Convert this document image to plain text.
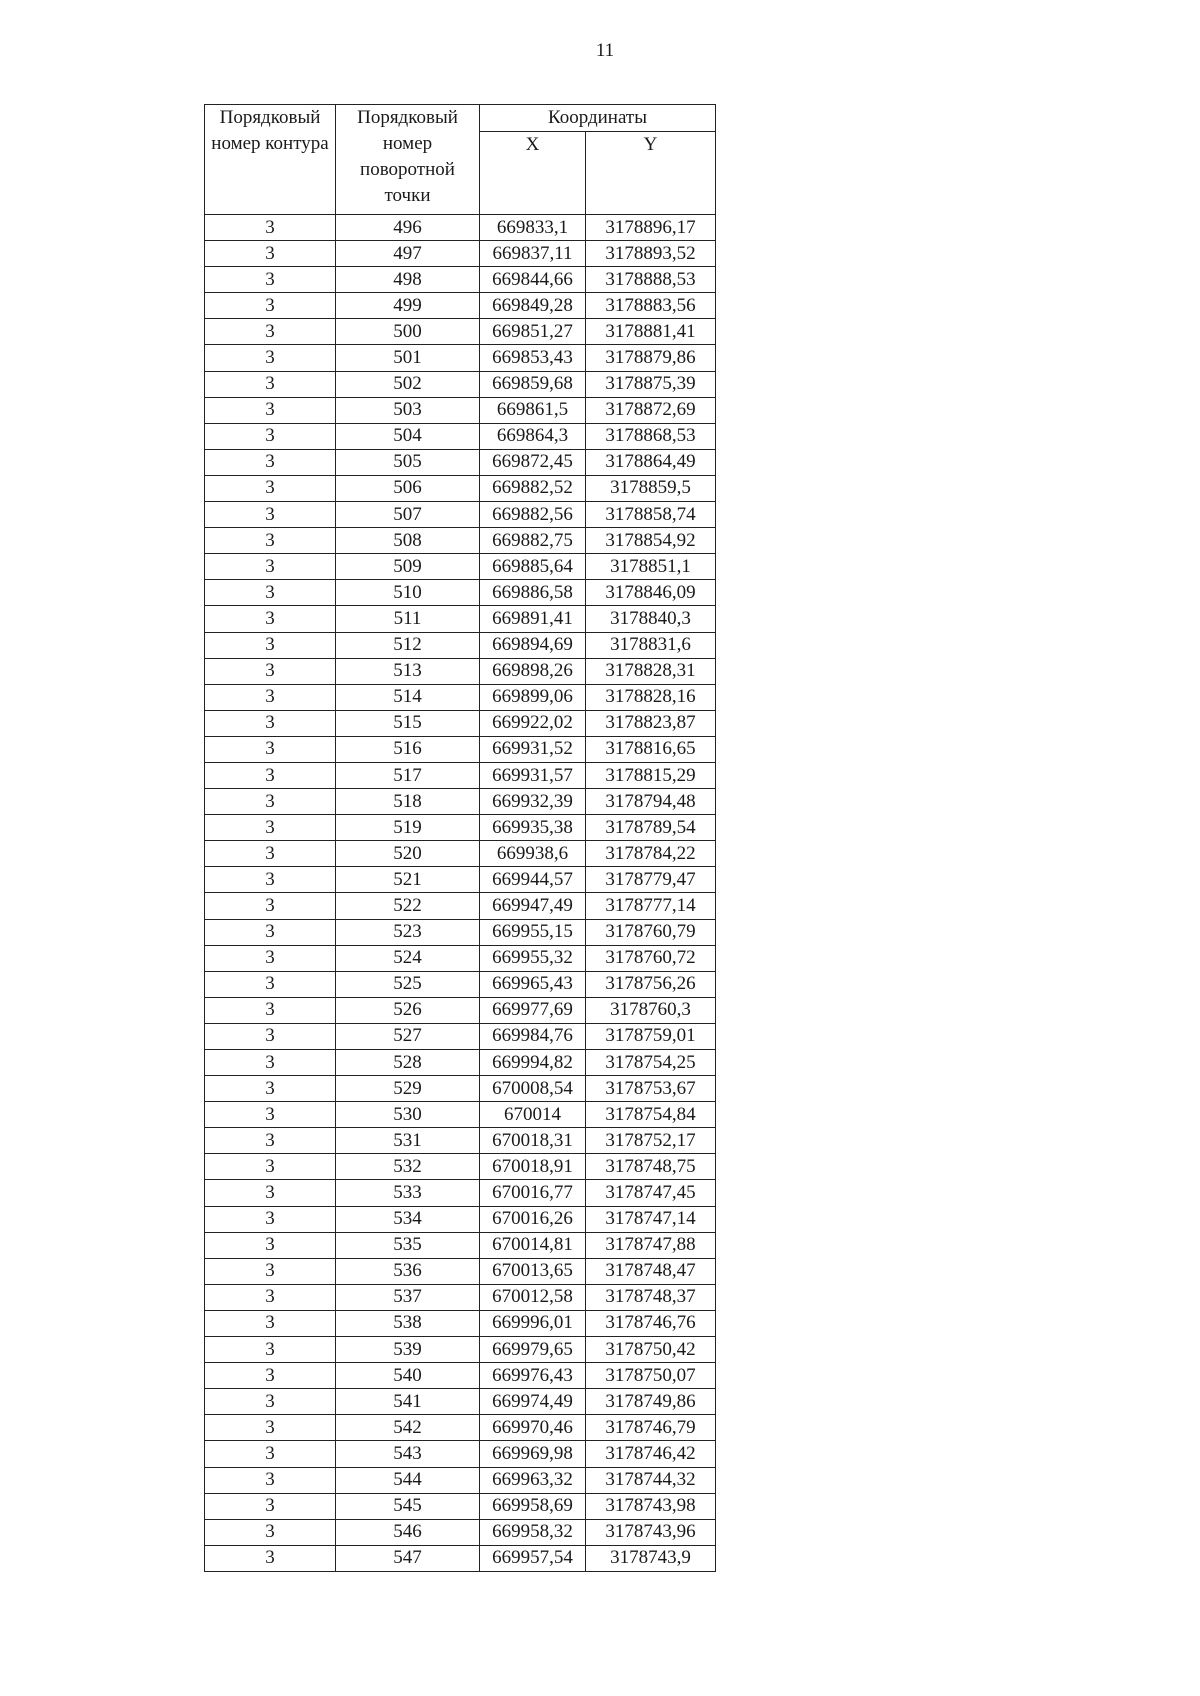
11
Порядковый номер контура	Порядковый номер поворотной точки	Координаты	
		X	Y
3	496	669833,1	3178896,17
3	497	669837,11	3178893,52
3	498	669844,66	3178888,53
3	499	669849,28	3178883,56
3	500	669851,27	3178881,41
3	501	669853,43	3178879,86
3	502	669859,68	3178875,39
3	503	669861,5	3178872,69
3	504	669864,3	3178868,53
3	505	669872,45	3178864,49
3	506	669882,52	3178859,5
3	507	669882,56	3178858,74
3	508	669882,75	3178854,92
3	509	669885,64	3178851,1
3	510	669886,58	3178846,09
3	511	669891,41	3178840,3
3	512	669894,69	3178831,6
3	513	669898,26	3178828,31
3	514	669899,06	3178828,16
3	515	669922,02	3178823,87
3	516	669931,52	3178816,65
3	517	669931,57	3178815,29
3	518	669932,39	3178794,48
3	519	669935,38	3178789,54
3	520	669938,6	3178784,22
3	521	669944,57	3178779,47
3	522	669947,49	3178777,14
3	523	669955,15	3178760,79
3	524	669955,32	3178760,72
3	525	669965,43	3178756,26
3	526	669977,69	3178760,3
3	527	669984,76	3178759,01
3	528	669994,82	3178754,25
3	529	670008,54	3178753,67
3	530	670014	3178754,84
3	531	670018,31	3178752,17
3	532	670018,91	3178748,75
3	533	670016,77	3178747,45
3	534	670016,26	3178747,14
3	535	670014,81	3178747,88
3	536	670013,65	3178748,47
3	537	670012,58	3178748,37
3	538	669996,01	3178746,76
3	539	669979,65	3178750,42
3	540	669976,43	3178750,07
3	541	669974,49	3178749,86
3	542	669970,46	3178746,79
3	543	669969,98	3178746,42
3	544	669963,32	3178744,32
3	545	669958,69	3178743,98
3	546	669958,32	3178743,96
3	547	669957,54	3178743,9
